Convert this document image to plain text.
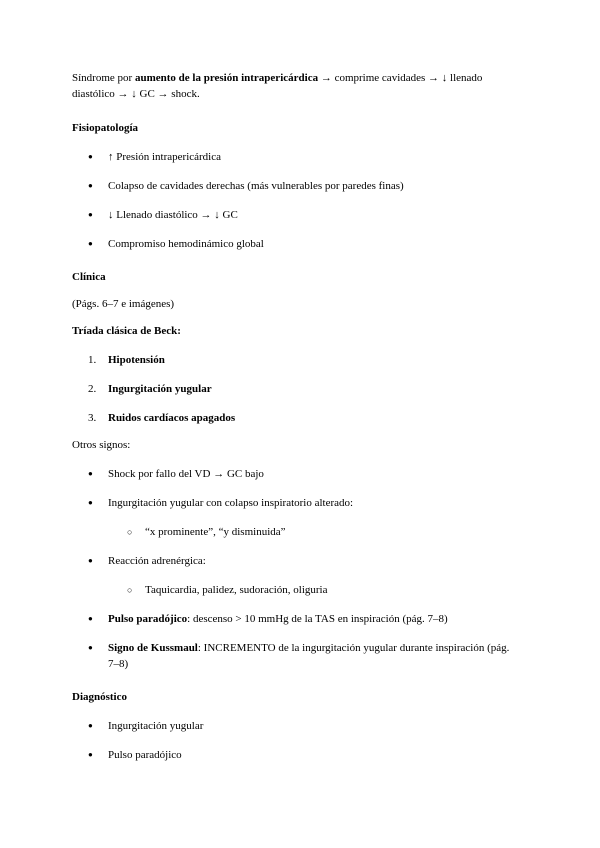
Síndrome por aumento de la presión intrapericárdica → comprime cavidades → ↓ llenado diastólico → ↓ GC → shock.

Fisiopatología
● ↑ Presión intrapericárdica
● Colapso de cavidades derechas (más vulnerables por paredes finas)
● ↓ Llenado diastólico → ↓ GC
● Compromiso hemodinámico global
Clínica

(Págs. 6–7 e imágenes)

Tríada clásica de Beck:

1. Hipotensión
2. Ingurgitación yugular
3. Ruidos cardíacos apagados

Otros signos:

● Shock por fallo del VD → GC bajo
● Ingurgitación yugular con colapso inspiratorio alterado:
○ “x prominente”, “y disminuida”
● Reacción adrenérgica:
○ Taquicardia, palidez, sudoración, oliguria
● Pulso paradójico: descenso > 10 mmHg de la TAS en inspiración (pág. 7–8)
● Signo de Kussmaul: INCREMENTO de la ingurgitación yugular durante inspiración (pág. 7–8)
Diagnóstico
● Ingurgitación yugular
● Pulso paradójico
